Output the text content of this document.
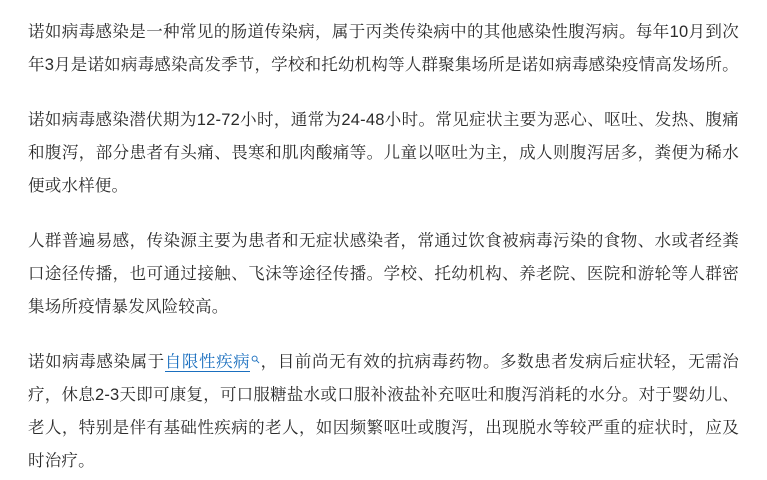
诺如病毒感染是一种常见的肠道传染病，属于丙类传染病中的其他感染性腹泻病。每年10月到次年3月是诺如病毒感染高发季节，学校和托幼机构等人群聚集场所是诺如病毒感染疫情高发场所。

诺如病毒感染潜伏期为12-72小时，通常为24-48小时。常见症状主要为恶心、呕吐、发热、腹痛和腹泻，部分患者有头痛、畏寒和肌肉酸痛等。儿童以呕吐为主，成人则腹泻居多，粪便为稀水便或水样便。

人群普遍易感，传染源主要为患者和无症状感染者，常通过饮食被病毒污染的食物、水或者经粪口途径传播，也可通过接触、飞沫等途径传播。学校、托幼机构、养老院、医院和游轮等人群密集场所疫情暴发风险较高。

诺如病毒感染属于自限性疾病 ，目前尚无有效的抗病毒药物。多数患者发病后症状轻，无需治疗，休息2-3天即可康复，可口服糖盐水或口服补液盐补充呕吐和腹泻消耗的水分。对于婴幼儿、老人，特别是伴有基础性疾病的老人，如因频繁呕吐或腹泻，出现脱水等较严重的症状时，应及时治疗。
